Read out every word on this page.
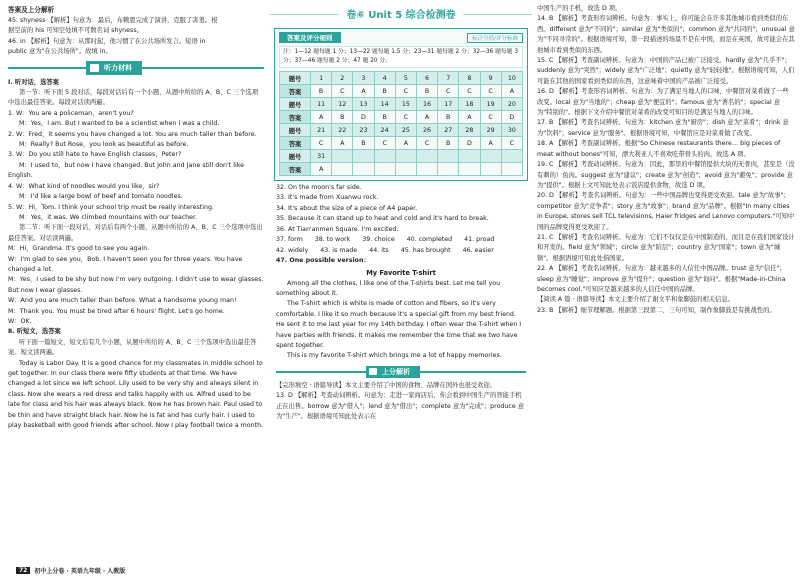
答案及上分解析

45. shyness 【解析】句意为：最后，布赖恩完成了演讲，克服了害羞。根

据空前的 his 可知空处填不可数名词 shyness。

46. in 【解析】句意为：从那时起，他习惯了在公共场所发言。短语 in

public 意为"在公共场所"。故填 in。

听力材料

Ⅰ. 听对话，选答案

第一节：听下面 5 段对话，每段对话后有一个小题，从题中所给的 A、B、C 三个选项中选出最佳答案。每段对话读两遍。

1. W：You are a policeman，aren't you?

M：Yes，I am. But I wanted to be a scientist when I was a child.

2. W：Fred，it seems you have changed a lot. You are much taller than before.

M：Really? But Rose，you look as beautiful as before.

3. W：Do you still hate to have English classes，Peter?

M：I used to，but now I have changed. But John and Jane still don't like English.

4. W：What kind of noodles would you like，sir?

M：I'd like a large bowl of beef and tomato noodles.

5. W：Hi，Tom. I think your school trip must be really interesting.

M：Yes，it was. We climbed mountains with our teacher.

第二节：听下面一段对话，对话后有两个小题，从题中所给的 A、B、C 三个选项中选出最佳答案。对话读两遍。

M：Hi，Grandma. It's good to see you again.

W：I'm glad to see you，Bob. I haven't seen you for three years. You have changed a lot.

M：Yes，I used to be shy but now I'm very outgoing. I didn't use to wear glasses. But now I wear glasses.

W：And you are much taller than before. What a handsome young man!

M：Thank you. You must be tired after 6 hours' flight. Let's go home.

W：OK.

Ⅱ. 听短文，选答案

听下面一篇短文，短文后有几个小题，从题中所给的 A、B、C 三个选项中选出最佳答案。短文读两遍。

Today is Labor Day. It is a good chance for my classmates in middle school to get together. In our class there were fifty students at that time. We have changed a lot since we left school. Lily used to be very shy and always silent in class. Now she wears a red dress and talks happily with us. Alfred used to be late for class and his hair was always black. Now he has brown hair. Paul used to be thin and have straight black hair. Now he is fat and has curly hair. I used to play basketball with good friends after school. Now I play football twice a month.

72	初中上分卷 · 英语九年级 · 人教版
卷⑥ Unit 5 综合检测卷
答案及评分细则	标注分值/评分标准
注：1—12 题每题 1 分；13—22 题每题 1.5 分；23—31 题每题 2 分；32—36 题每题 3 分；37—46 题每题 2 分；47 题 20 分。
题号	1	2	3	4	5	6	7	8	9	10
答案	B	C	A	B	C	B	C	C	C	A
题号	11	12	13	14	15	16	17	18	19	20
答案	A	B	D	B	C	A	B	A	C	D
题号	21	22	23	24	25	26	27	28	29	30
答案	C	A	B	C	A	C	B	D	A	C
题号	31									
答案	A									

32. On the moon's far side.

33. It's made from Xuanwu rock.

34. It's about the size of a piece of A4 paper.

35. Because it can stand up to heat and cold and it's hard to break.

36. At Tian'anmen Square. I'm excited.

37. form 38. to work 39. choice 40. completed 41. proad
42. widely 43. is made 44. its 45. has brought 46. easier

47. One possible version：

My Favorite T-shirt

Among all the clothes, I like one of the T-shirts best. Let me tell you something about it.

The T-shirt which is white is made of cotton and fibers, so it's very comfortable. I like it so much because it's a special gift from my best friend. He sent it to me last year for my 14th birthday. I often wear the T-shirt when I have parties with friends. It makes me remember the time that we two have spent together.

This is my favorite T-shirt which brings me a lot of happy memories.

上分解析

【完形填空 · 语篇导读】本文主要介绍了中国的食物、品牌在国外也很受欢迎。

13. D 【解析】考查动词辨析。句意为：走进一家商店后，你会看到中国生产的智能手机正在出售。borrow 意为"借入"；lend 意为"借出"；complete 意为"完成"；produce 意为"生产"。根据语境可知此处表示在

中国生产的手机，故选 D 项。

14. B 【解析】考查形容词辨析。句意为：事实上，你可能会在许多其他城市看到类似的东西。different 意为"不同的"；similar 意为"类似的"；common 意为"共同的"；unusual 意为"不同寻常的"。根据语境可知，第一段描述的场景不是在中国，而是在英国，故可能会在其他城市看到类似的东西。

15. C 【解析】考查副词辨析。句意为：中国的产品已被广泛接受。hardly 意为"几乎不"；suddenly 意为"突然"；widely 意为"广泛地"；quietly 意为"轻轻地"。根据语境可知，人们可能在其他的国家看到类似的东西，这意味着中国的产品被广泛接受。

16. D 【解析】考查形容词辨析。句意为：为了满足当地人的口味，中餐馆对菜肴做了一些改变。local 意为"当地的"；cheap 意为"便宜的"；famous 意为"著名的"；special 意为"特别的"。根据下文介绍中餐馆对菜肴的改变可知目的是满足当地人的口味。

17. B 【解析】考查名词辨析。句意为：kitchen 意为"厨房"；dish 意为"菜肴"；drink 意为"饮料"；service 意为"服务"。根据语境可知，中餐馆应是对菜肴做了改变。

18. A 【解析】考查副词辨析。根据"So Chinese restaurants there… big pieces of meat without bones"可知，漂大利亚人不喜欢吃带骨头的肉，故选 A 项。

19. C 【解析】考查动词辨析。句意为：因此，那里的中餐馆提供大块的无骨肉，甚至是（没有刺的）鱼肉。suggest 意为"建议"；create 意为"创造"；avoid 意为"避免"；provide 意为"提供"。根据上文可知此处表示饭店提供食物，故选 D 项。

20. D 【解析】考查名词辨析。句意为：一些中国品牌也变得更受欢迎。tale 意为"故事"；competitor 意为"竞争者"；story 意为"故事"；brand 意为"品牌"。根据"In many cities in Europe, stores sell TCL televisions, Haier fridges and Lenovo computers."可知中国的品牌变得更受欢迎了。

21. C 【解析】考查名词辨析。句意为：它们不仅仅是在中国制造的，而且是在我们国家设计和开发的。field 意为"领域"；circle 意为"阶层"；country 意为"国家"；town 意为"城镇"。根据语境可知此处指国家。

22. A 【解析】考查名词辨析。句意为：越来越多的人信任中国品牌。trust 意为"信任"；sleep 意为"睡觉"；improve 意为"提升"；question 意为"询问"。根据"Made-in-China becomes cool."可知应是越来越多的人信任中国的品牌。

【阅读 A 篇 · 语篇导读】本文主要介绍了谢文平和象脚鼓的相关信息。

23. B 【解析】细节理解题。根据第三段第二、三句可知，制作象脚鼓是有挑战性的。
